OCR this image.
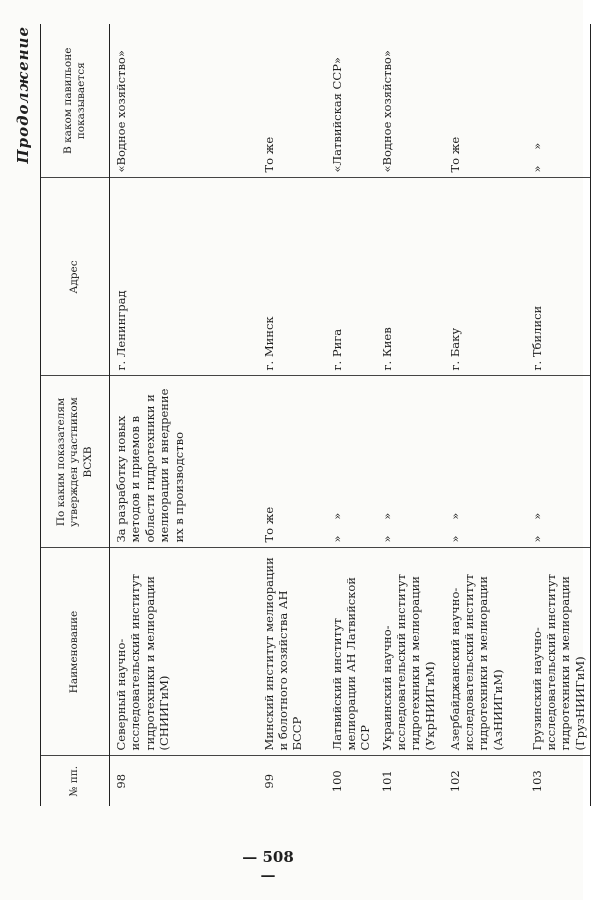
Продолжение
— 508 —
№ пп.	Наименование	По каким показателям утвержден участником ВСХВ	Адрес	В каком павильоне показывается
98	Северный научно-исследовательский институт гидротехники и мелиорации (СНИИГиМ)	За разработку новых методов и приемов в области гидротехники и мелиорации и внедрение их в производство	г. Ленинград	«Водное хозяйство»
99	Минский институт мелиорации и болотного хозяйства АН БССР	То же	г. Минск	То же
100	Латвийский институт мелиорации АН Латвийской ССР	» »	г. Рига	«Латвийская ССР»
101	Украинский научно-исследовательский институт гидротехники и мелиорации (УкрНИИГиМ)	» »	г. Киев	«Водное хозяйство»
102	Азербайджанский научно-исследовательский институт гидротехники и мелиорации (АзНИИГиМ)	» »	г. Баку	То же
103	Грузинский научно-исследовательский институт гидротехники и мелиорации (ГрузНИИГиМ)	» »	г. Тбилиси	» »
